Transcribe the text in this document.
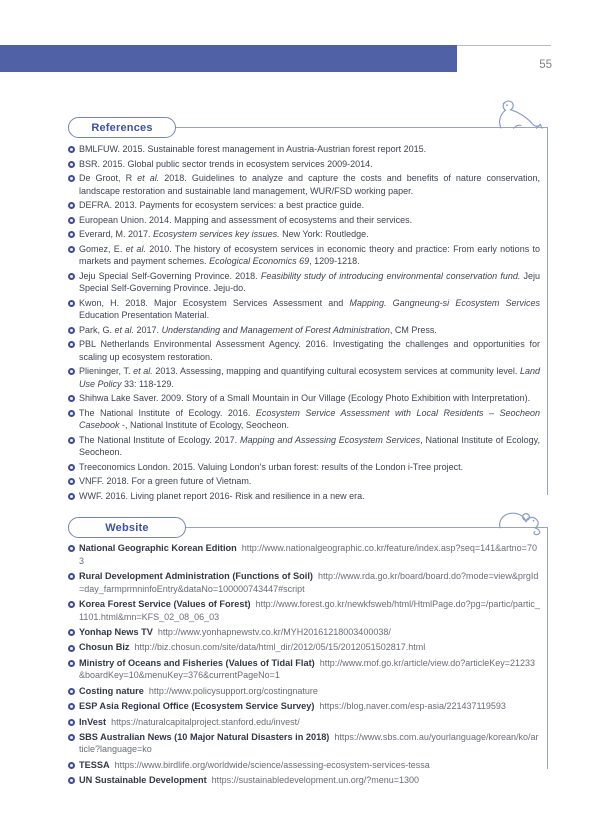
55
References
BMLFUW. 2015. Sustainable forest management in Austria-Austrian forest report 2015.
BSR. 2015. Global public sector trends in ecosystem services 2009-2014.
De Groot, R et al. 2018. Guidelines to analyze and capture the costs and benefits of nature conservation, landscape restoration and sustainable land management, WUR/FSD working paper.
DEFRA. 2013. Payments for ecosystem services: a best practice guide.
European Union. 2014. Mapping and assessment of ecosystems and their services.
Everard, M. 2017. Ecosystem services key issues. New York: Routledge.
Gomez, E. et al. 2010. The history of ecosystem services in economic theory and practice: From early notions to markets and payment schemes. Ecological Economics 69, 1209-1218.
Jeju Special Self-Governing Province. 2018. Feasibility study of introducing environmental conservation fund. Jeju Special Self-Governing Province. Jeju-do.
Kwon, H. 2018. Major Ecosystem Services Assessment and Mapping. Gangneung-si Ecosystem Services Education Presentation Material.
Park, G. et al. 2017. Understanding and Management of Forest Administration, CM Press.
PBL Netherlands Environmental Assessment Agency. 2016. Investigating the challenges and opportunities for scaling up ecosystem restoration.
Plieninger, T. et al. 2013. Assessing, mapping and quantifying cultural ecosystem services at community level. Land Use Policy 33: 118-129.
Shihwa Lake Saver. 2009. Story of a Small Mountain in Our Village (Ecology Photo Exhibition with Interpretation).
The National Institute of Ecology. 2016. Ecosystem Service Assessment with Local Residents – Seocheon Casebook -, National Institute of Ecology, Seocheon.
The National Institute of Ecology. 2017. Mapping and Assessing Ecosystem Services, National Institute of Ecology, Seocheon.
Treeconomics London. 2015. Valuing London's urban forest: results of the London i-Tree project.
VNFF. 2018. For a green future of Vietnam.
WWF. 2016. Living planet report 2016- Risk and resilience in a new era.
Website
National Geographic Korean Edition  http://www.nationalgeographic.co.kr/feature/index.asp?seq=141&artno=703
Rural Development Administration (Functions of Soil)  http://www.rda.go.kr/board/board.do?mode=view&prgId=day_farmprmninfoEntry&dataNo=100000743447#script
Korea Forest Service (Values of Forest)  http://www.forest.go.kr/newkfsweb/html/HtmlPage.do?pg=/partic/partic_1101.html&mn=KFS_02_08_06_03
Yonhap News TV  http://www.yonhapnewstv.co.kr/MYH20161218003400038/
Chosun Biz  http://biz.chosun.com/site/data/html_dir/2012/05/15/2012051502817.html
Ministry of Oceans and Fisheries (Values of Tidal Flat)  http://www.mof.go.kr/article/view.do?articleKey=21233&boardKey=10&menuKey=376&currentPageNo=1
Costing nature  http://www.policysupport.org/costingnature
ESP Asia Regional Office (Ecosystem Service Survey)  https://blog.naver.com/esp-asia/221437119593
InVest  https://naturalcapitalproject.stanford.edu/invest/
SBS Australian News (10 Major Natural Disasters in 2018)  https://www.sbs.com.au/yourlanguage/korean/ko/article?language=ko
TESSA  https://www.birdlife.org/worldwide/science/assessing-ecosystem-services-tessa
UN Sustainable Development  https://sustainabledevelopment.un.org/?menu=1300
